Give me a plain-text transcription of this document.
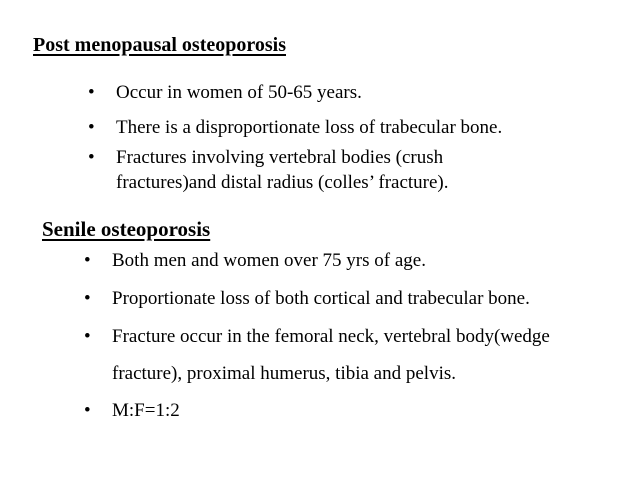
Post menopausal osteoporosis
• Occur in women of 50-65 years.
• There is a disproportionate loss of trabecular bone.
• Fractures involving vertebral bodies (crush
fractures)and distal radius (colles’ fracture).
Senile osteoporosis
• Both men and women over 75 yrs of age.
• Proportionate loss of both cortical and trabecular bone.
• Fracture occur in the femoral neck, vertebral body(wedge
fracture), proximal humerus, tibia and pelvis.
• M:F=1:2
